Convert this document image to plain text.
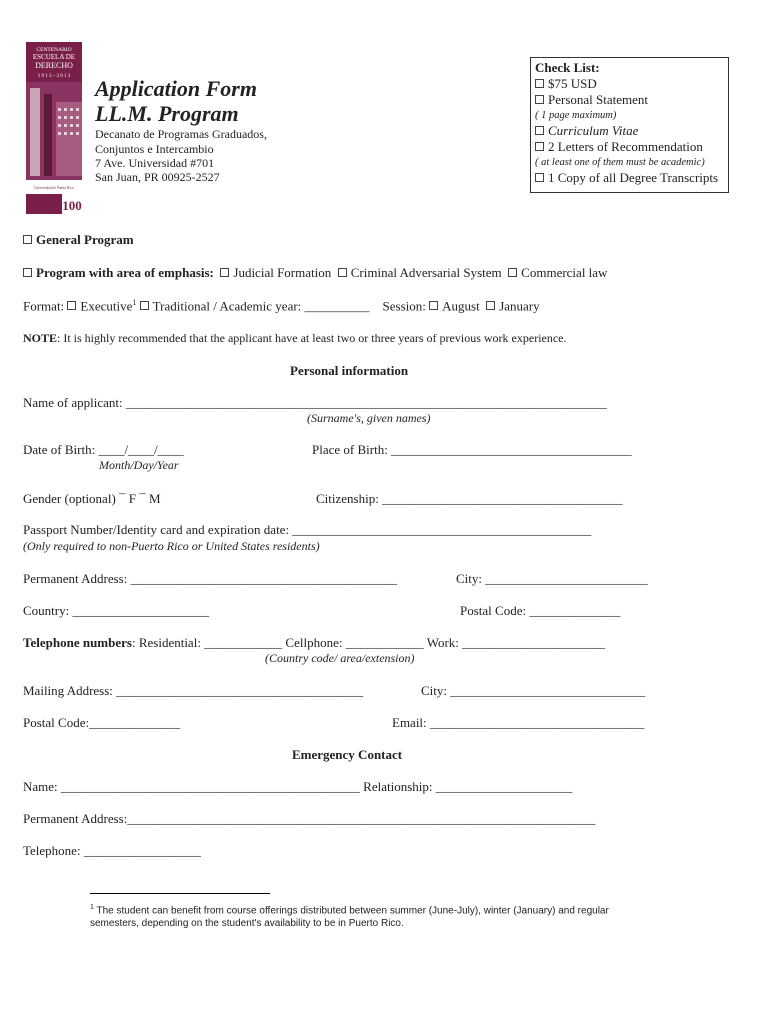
CENTENARIO
ESCUELA DE
DERECHO
1 9 1 3 – 2 0 1 3
Universidad de Puerto Rico
100
Application Form
LL.M. Program
Decanato de Programas Graduados,
Conjuntos e Intercambio
7 Ave. Universidad #701
San Juan, PR 00925-2527
Check List:
$75 USD
Personal Statement
( 1 page maximum)
Curriculum Vitae
2 Letters of Recommendation
( at least one of them must be academic)
1 Copy of all Degree Transcripts
General Program
Program with area of emphasis: Judicial Formation Criminal Adversarial System Commercial law
Format: Executive$^1$ Traditional / Academic year: __________ Session: August January
NOTE: It is highly recommended that the applicant have at least two or three years of previous work experience.
Personal information
Name of applicant: __________________________________________________________________________
(Surname's, given names)
Date of Birth: ____/____/____	Place of Birth: _____________________________________
Month/Day/Year
Gender (optional) ¯ F ¯ M	Citizenship: _____________________________________
Passport Number/Identity card and expiration date: ______________________________________________
(Only required to non-Puerto Rico or United States residents)
Permanent Address: _________________________________________	City: _________________________
Country: _____________________	Postal Code: ______________
Telephone numbers: Residential: ____________ Cellphone: ____________ Work: ______________________
(Country code/ area/extension)
Mailing Address: ______________________________________	City: ______________________________
Postal Code:______________	Email: _________________________________
Emergency Contact
Name: ______________________________________________ Relationship: _____________________
Permanent Address:________________________________________________________________________
Telephone: __________________
$^1$ The student can benefit from course offerings distributed between summer (June-July), winter (January) and regular
semesters, depending on the student's availability to be in Puerto Rico.
